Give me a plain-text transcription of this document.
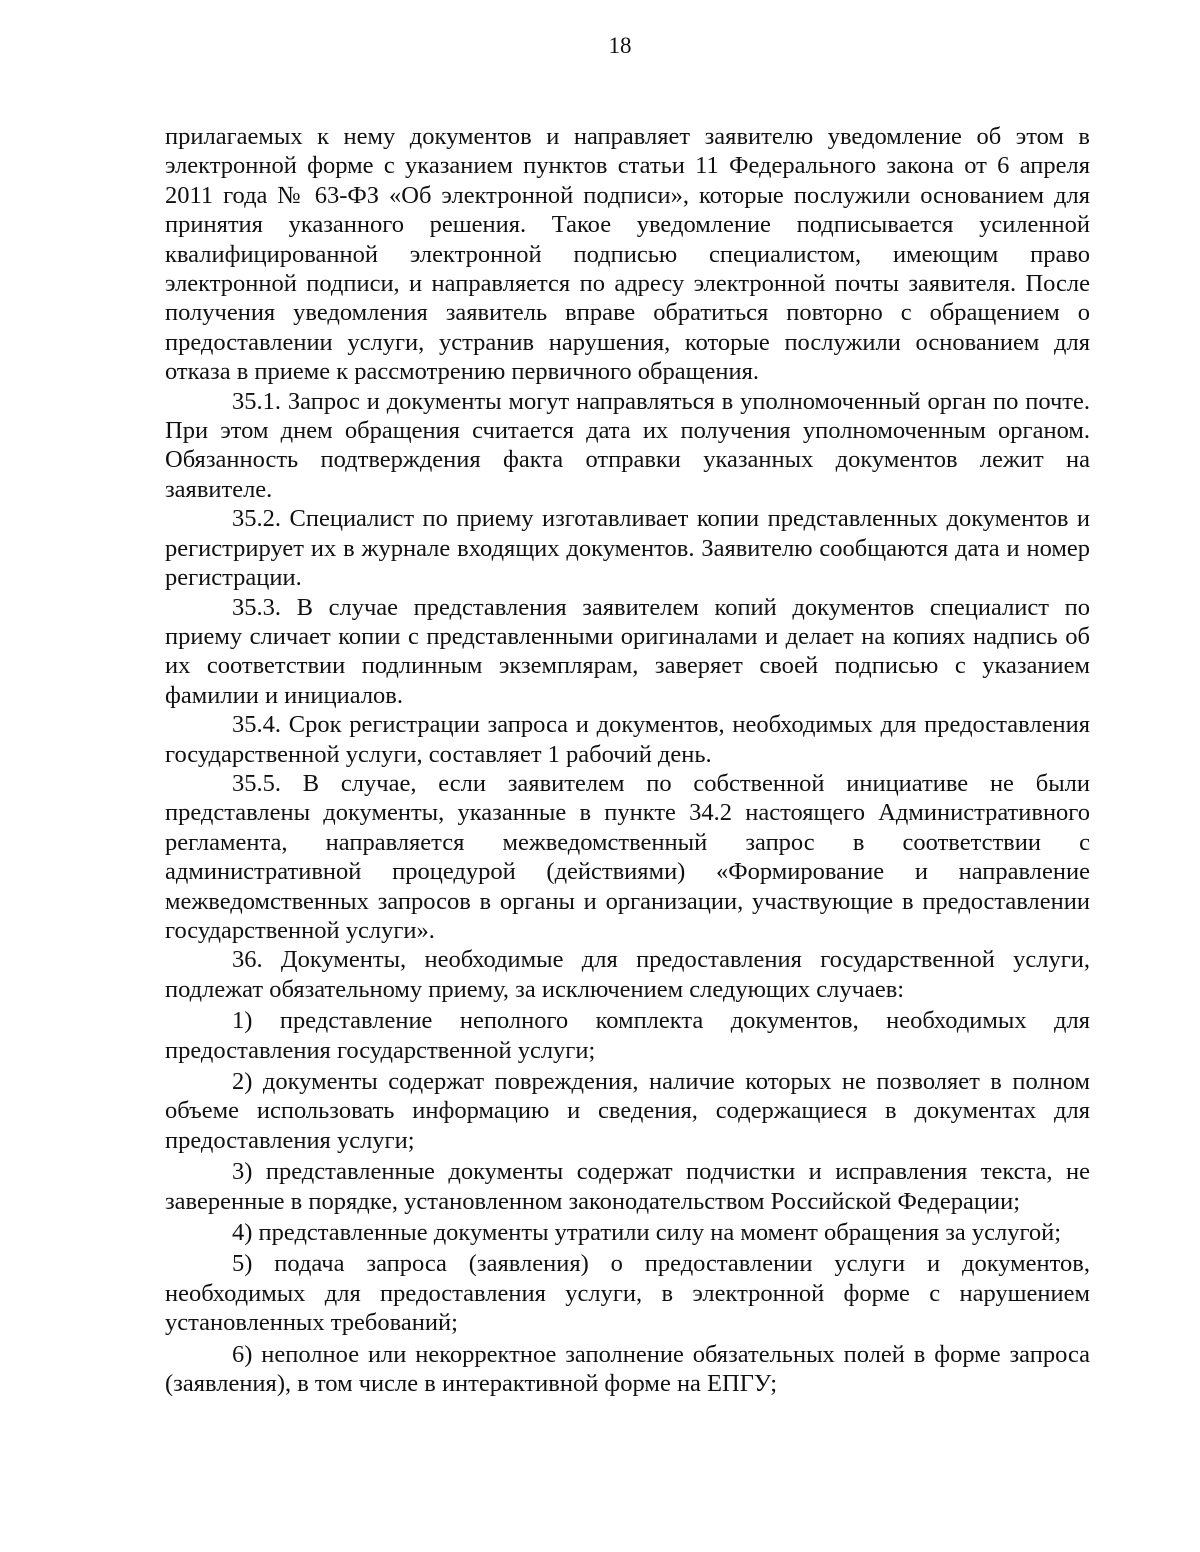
18

прилагаемых к нему документов и направляет заявителю уведомление об этом в электронной форме с указанием пунктов статьи 11 Федерального закона от 6 апреля 2011 года № 63-ФЗ «Об электронной подписи», которые послужили основанием для принятия указанного решения. Такое уведомление подписывается усиленной квалифицированной электронной подписью специалистом, имеющим право электронной подписи, и направляется по адресу электронной почты заявителя. После получения уведомления заявитель вправе обратиться повторно с обращением о предоставлении услуги, устранив нарушения, которые послужили основанием для отказа в приеме к рассмотрению первичного обращения.

35.1. Запрос и документы могут направляться в уполномоченный орган по почте. При этом днем обращения считается дата их получения уполномоченным органом. Обязанность подтверждения факта отправки указанных документов лежит на заявителе.

35.2. Специалист по приему изготавливает копии представленных документов и регистрирует их в журнале входящих документов. Заявителю сообщаются дата и номер регистрации.

35.3. В случае представления заявителем копий документов специалист по приему сличает копии с представленными оригиналами и делает на копиях надпись об их соответствии подлинным экземплярам, заверяет своей подписью с указанием фамилии и инициалов.

35.4. Срок регистрации запроса и документов, необходимых для предоставления государственной услуги, составляет 1 рабочий день.

35.5. В случае, если заявителем по собственной инициативе не были представлены документы, указанные в пункте 34.2 настоящего Административного регламента, направляется межведомственный запрос в соответствии с административной процедурой (действиями) «Формирование и направление межведомственных запросов в органы и организации, участвующие в предоставлении государственной услуги».

36. Документы, необходимые для предоставления государственной услуги, подлежат обязательному приему, за исключением следующих случаев:

1) представление неполного комплекта документов, необходимых для предоставления государственной услуги;

2) документы содержат повреждения, наличие которых не позволяет в полном объеме использовать информацию и сведения, содержащиеся в документах для предоставления услуги;

3) представленные документы содержат подчистки и исправления текста, не заверенные в порядке, установленном законодательством Российской Федерации;

4) представленные документы утратили силу на момент обращения за услугой;

5) подача запроса (заявления) о предоставлении услуги и документов, необходимых для предоставления услуги, в электронной форме с нарушением установленных требований;

6) неполное или некорректное заполнение обязательных полей в форме запроса (заявления), в том числе в интерактивной форме на ЕПГУ;
